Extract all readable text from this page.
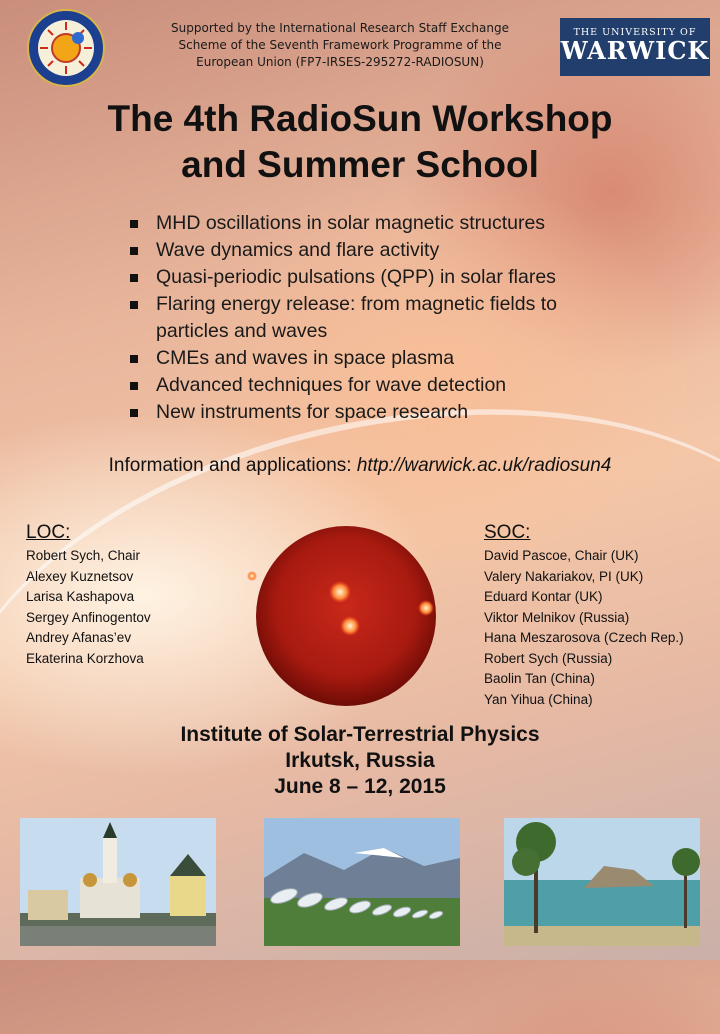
Supported by the International Research Staff Exchange
Scheme of the Seventh Framework Programme of the
European Union (FP7-IRSES-295272-RADIOSUN)
THE UNIVERSITY OF
WARWICK
The 4th RadioSun Workshop
and Summer School
MHD oscillations in solar magnetic structures
Wave dynamics and flare activity
Quasi-periodic pulsations (QPP) in solar flares
Flaring energy release: from magnetic fields to particles and waves
CMEs and waves in space plasma
Advanced techniques for wave detection
New instruments for space research
Information and applications: http://warwick.ac.uk/radiosun4
LOC:
Robert Sych, Chair
Alexey Kuznetsov
Larisa Kashapova
Sergey Anfinogentov
Andrey Afanas’ev
Ekaterina Korzhova
SOC:
David Pascoe, Chair (UK)
Valery Nakariakov, PI (UK)
Eduard Kontar (UK)
Viktor Melnikov (Russia)
Hana Meszarosova (Czech Rep.)
Robert Sych (Russia)
Baolin Tan (China)
Yan Yihua (China)
Institute of Solar-Terrestrial Physics
Irkutsk, Russia
June 8 – 12, 2015
